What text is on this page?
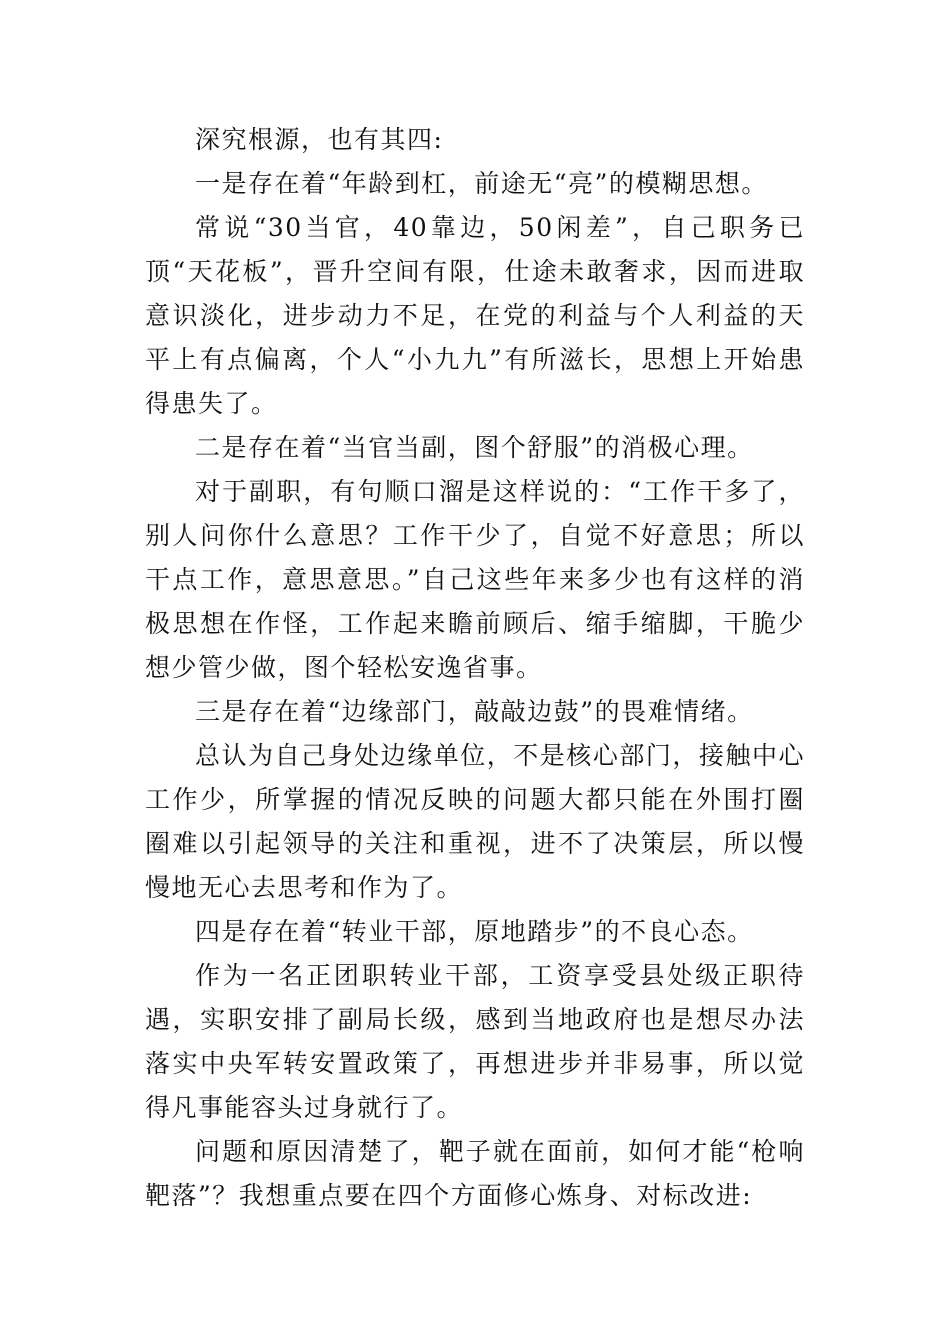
深究根源，也有其四:

一是存在着“年龄到杠，前途无“亮”的模糊思想。

常说“30当官，40靠边，50闲差”，自己职务已顶“天花板”，晋升空间有限，仕途未敢奢求，因而进取意识淡化，进步动力不足，在党的利益与个人利益的天平上有点偏离，个人“小九九”有所滋长，思想上开始患得患失了。

二是存在着“当官当副，图个舒服”的消极心理。

对于副职，有句顺口溜是这样说的：“工作干多了，别人问你什么意思？工作干少了，自觉不好意思；所以干点工作，意思意思。”自己这些年来多少也有这样的消极思想在作怪，工作起来瞻前顾后、缩手缩脚，干脆少想少管少做，图个轻松安逸省事。

三是存在着“边缘部门，敲敲边鼓”的畏难情绪。

总认为自己身处边缘单位，不是核心部门，接触中心工作少，所掌握的情况反映的问题大都只能在外围打圈圈难以引起领导的关注和重视，进不了决策层，所以慢慢地无心去思考和作为了。

四是存在着“转业干部，原地踏步”的不良心态。

作为一名正团职转业干部，工资享受县处级正职待遇，实职安排了副局长级，感到当地政府也是想尽办法落实中央军转安置政策了，再想进步并非易事，所以觉得凡事能容头过身就行了。

问题和原因清楚了，靶子就在面前，如何才能“枪响靶落”？我想重点要在四个方面修心炼身、对标改进:
